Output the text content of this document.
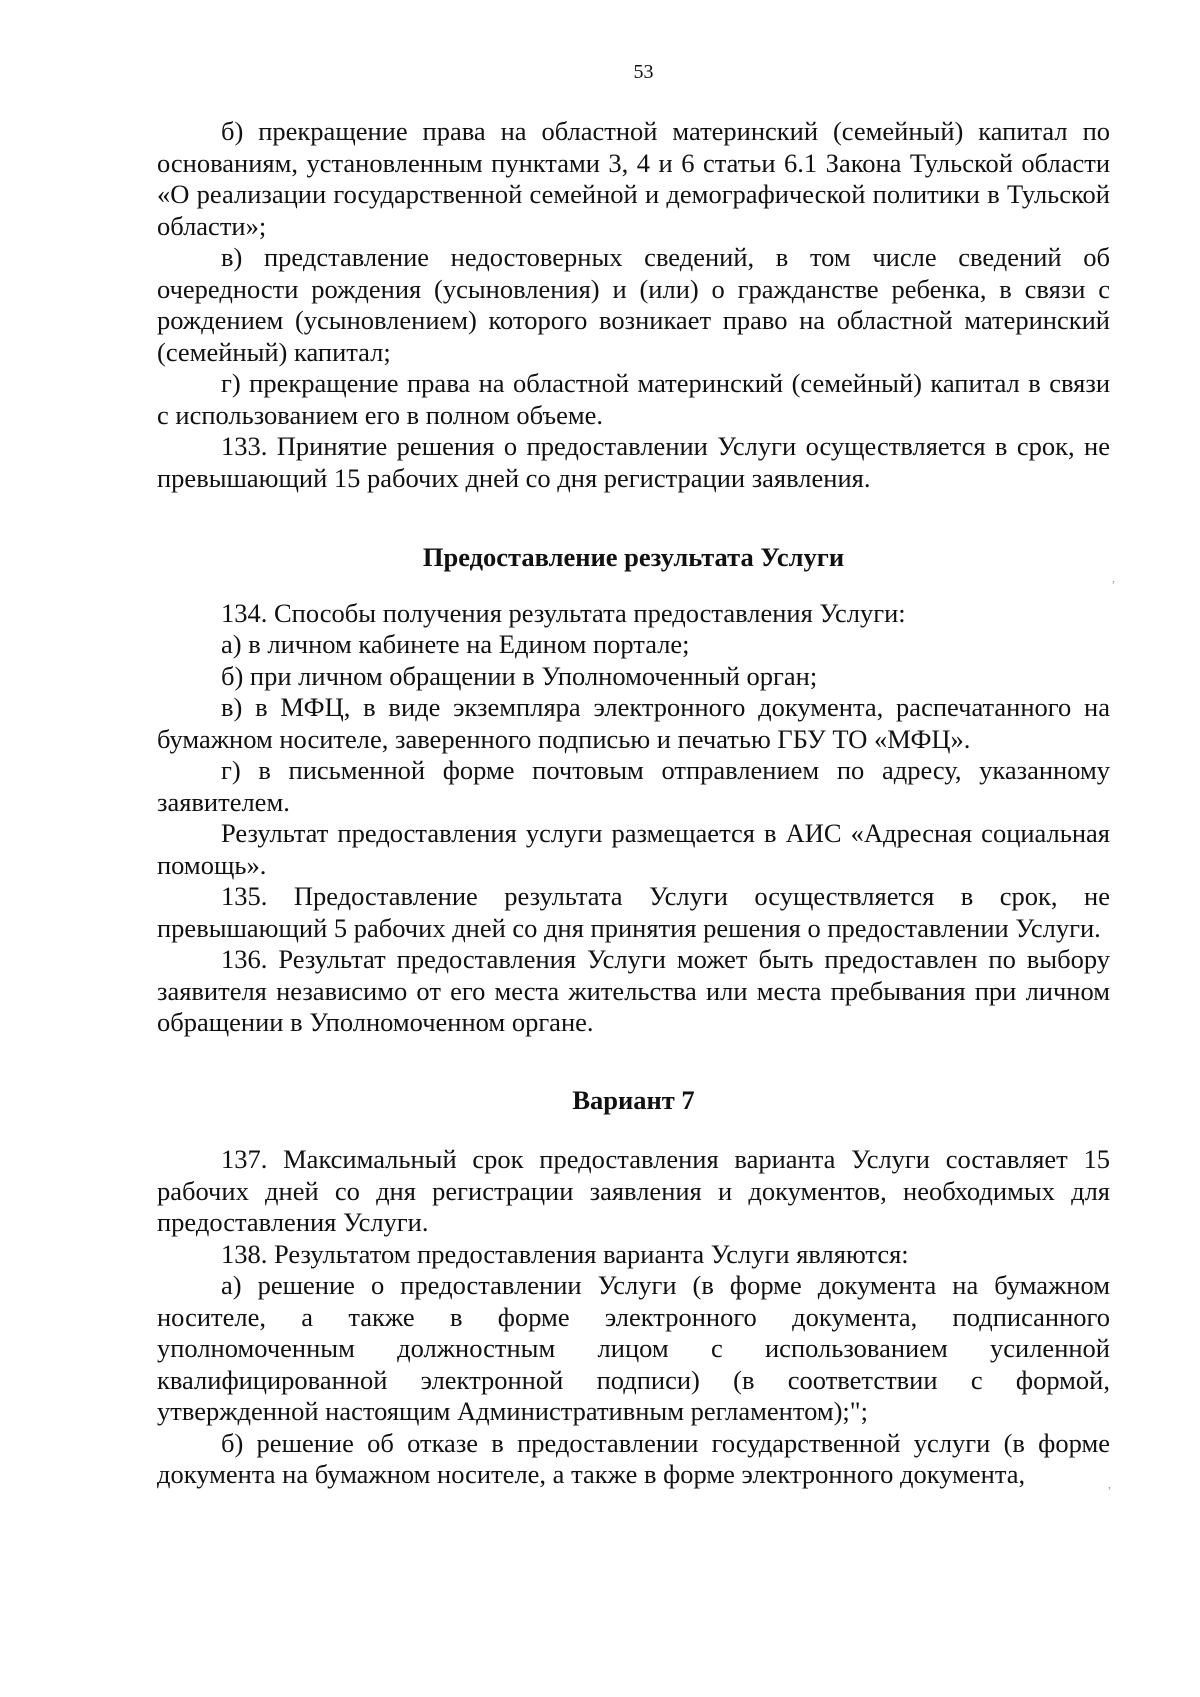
53

б) прекращение права на областной материнский (семейный) капитал по основаниям, установленным пунктами 3, 4 и 6 статьи 6.1 Закона Тульской области «О реализации государственной семейной и демографической политики в Тульской области»;

в) представление недостоверных сведений, в том числе сведений об очередности рождения (усыновления) и (или) о гражданстве ребенка, в связи с рождением (усыновлением) которого возникает право на областной материнский (семейный) капитал;

г) прекращение права на областной материнский (семейный) капитал в связи с использованием его в полном объеме.

133. Принятие решения о предоставлении Услуги осуществляется в срок, не превышающий 15 рабочих дней со дня регистрации заявления.

Предоставление результата Услуги

134. Способы получения результата предоставления Услуги:

а) в личном кабинете на Едином портале;

б) при личном обращении в Уполномоченный орган;

в) в МФЦ, в виде экземпляра электронного документа, распечатанного на бумажном носителе, заверенного подписью и печатью ГБУ ТО «МФЦ».

г) в письменной форме почтовым отправлением по адресу, указанному заявителем.

Результат предоставления услуги размещается в АИС «Адресная социальная помощь».

135. Предоставление результата Услуги осуществляется в срок, не превышающий 5 рабочих дней со дня принятия решения о предоставлении Услуги.

136. Результат предоставления Услуги может быть предоставлен по выбору заявителя независимо от его места жительства или места пребывания при личном обращении в Уполномоченном органе.

Вариант 7

137. Максимальный срок предоставления варианта Услуги составляет 15 рабочих дней со дня регистрации заявления и документов, необходимых для предоставления Услуги.

138. Результатом предоставления варианта Услуги являются:

а) решение о предоставлении Услуги (в форме документа на бумажном носителе, а также в форме электронного документа, подписанного уполномоченным должностным лицом с использованием усиленной квалифицированной электронной подписи) (в соответствии с формой, утвержденной настоящим Административным регламентом);";

б) решение об отказе в предоставлении государственной услуги (в форме документа на бумажном носителе, а также в форме электронного документа,

,
,
